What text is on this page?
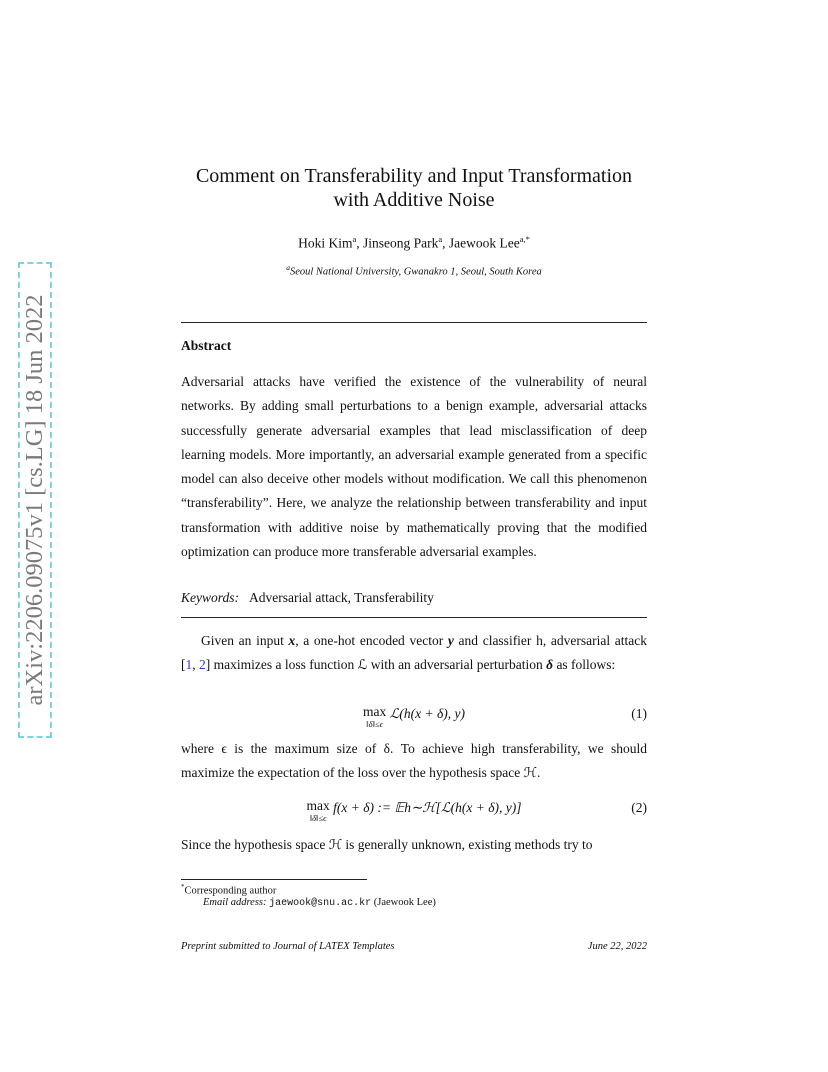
arXiv:2206.09075v1 [cs.LG] 18 Jun 2022
Comment on Transferability and Input Transformation
with Additive Noise
Hoki Kim$^a$, Jinseong Park$^a$, Jaewook Lee$^{a,*}$
$^a$Seoul National University, Gwanakro 1, Seoul, South Korea
Abstract
Adversarial attacks have verified the existence of the vulnerability of neural networks. By adding small perturbations to a benign example, adversarial attacks successfully generate adversarial examples that lead misclassification of deep learning models. More importantly, an adversarial example generated from a specific model can also deceive other models without modification. We call this phenomenon “transferability”. Here, we analyze the relationship between transferability and input transformation with additive noise by mathematically proving that the modified optimization can produce more transferable adversarial examples.
Keywords: Adversarial attack, Transferability
Given an input x, a one-hot encoded vector y and classifier h, adversarial attack [1, 2] maximizes a loss function ℒ with an adversarial perturbation δ as follows:
max
‖δ‖≤ϵ
ℒ(h(x + δ), y)	(1)
where ϵ is the maximum size of δ. To achieve high transferability, we should maximize the expectation of the loss over the hypothesis space ℋ.
max
‖δ‖≤ϵ
f(x + δ) := 𝔼h∼ℋ[ℒ(h(x + δ), y)]	(2)
Since the hypothesis space ℋ is generally unknown, existing methods try to
*Corresponding author
Email address: jaewook@snu.ac.kr (Jaewook Lee)
Preprint submitted to Journal of LATEX Templates	June 22, 2022
